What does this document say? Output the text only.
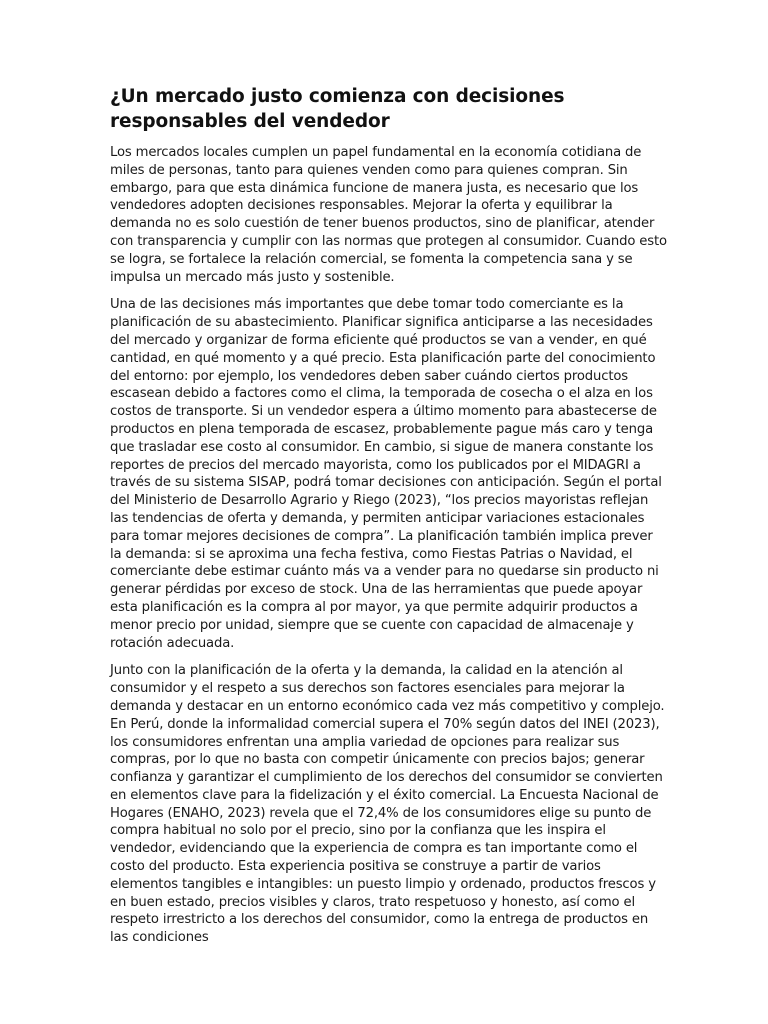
¿Un mercado justo comienza con decisiones responsables del vendedor

Los mercados locales cumplen un papel fundamental en la economía cotidiana de miles de personas, tanto para quienes venden como para quienes compran. Sin embargo, para que esta dinámica funcione de manera justa, es necesario que los vendedores adopten decisiones responsables. Mejorar la oferta y equilibrar la demanda no es solo cuestión de tener buenos productos, sino de planificar, atender con transparencia y cumplir con las normas que protegen al consumidor. Cuando esto se logra, se fortalece la relación comercial, se fomenta la competencia sana y se impulsa un mercado más justo y sostenible.

Una de las decisiones más importantes que debe tomar todo comerciante es la planificación de su abastecimiento. Planificar significa anticiparse a las necesidades del mercado y organizar de forma eficiente qué productos se van a vender, en qué cantidad, en qué momento y a qué precio. Esta planificación parte del conocimiento del entorno: por ejemplo, los vendedores deben saber cuándo ciertos productos escasean debido a factores como el clima, la temporada de cosecha o el alza en los costos de transporte. Si un vendedor espera a último momento para abastecerse de productos en plena temporada de escasez, probablemente pague más caro y tenga que trasladar ese costo al consumidor. En cambio, si sigue de manera constante los reportes de precios del mercado mayorista, como los publicados por el MIDAGRI a través de su sistema SISAP, podrá tomar decisiones con anticipación. Según el portal del Ministerio de Desarrollo Agrario y Riego (2023), “los precios mayoristas reflejan las tendencias de oferta y demanda, y permiten anticipar variaciones estacionales para tomar mejores decisiones de compra”. La planificación también implica prever la demanda: si se aproxima una fecha festiva, como Fiestas Patrias o Navidad, el comerciante debe estimar cuánto más va a vender para no quedarse sin producto ni generar pérdidas por exceso de stock. Una de las herramientas que puede apoyar esta planificación es la compra al por mayor, ya que permite adquirir productos a menor precio por unidad, siempre que se cuente con capacidad de almacenaje y rotación adecuada.

Junto con la planificación de la oferta y la demanda, la calidad en la atención al consumidor y el respeto a sus derechos son factores esenciales para mejorar la demanda y destacar en un entorno económico cada vez más competitivo y complejo. En Perú, donde la informalidad comercial supera el 70% según datos del INEI (2023), los consumidores enfrentan una amplia variedad de opciones para realizar sus compras, por lo que no basta con competir únicamente con precios bajos; generar confianza y garantizar el cumplimiento de los derechos del consumidor se convierten en elementos clave para la fidelización y el éxito comercial. La Encuesta Nacional de Hogares (ENAHO, 2023) revela que el 72,4% de los consumidores elige su punto de compra habitual no solo por el precio, sino por la confianza que les inspira el vendedor, evidenciando que la experiencia de compra es tan importante como el costo del producto. Esta experiencia positiva se construye a partir de varios elementos tangibles e intangibles: un puesto limpio y ordenado, productos frescos y en buen estado, precios visibles y claros, trato respetuoso y honesto, así como el respeto irrestricto a los derechos del consumidor, como la entrega de productos en las condiciones
